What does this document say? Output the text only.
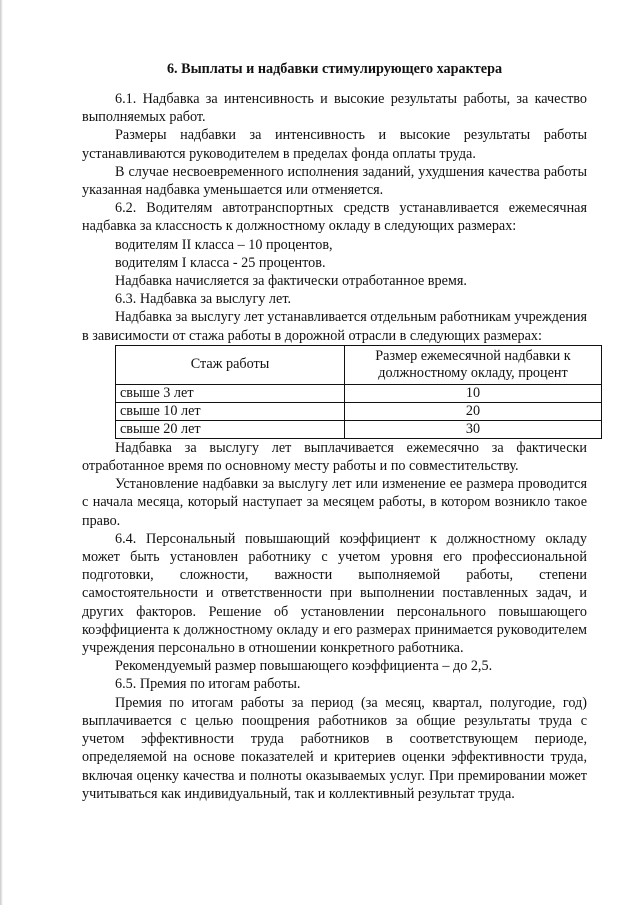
6. Выплаты и надбавки стимулирующего характера

6.1. Надбавка за интенсивность и высокие результаты работы, за качество выполняемых работ.

Размеры надбавки за интенсивность и высокие результаты работы устанавливаются руководителем в пределах фонда оплаты труда.

В случае несвоевременного исполнения заданий, ухудшения качества работы указанная надбавка уменьшается или отменяется.

6.2. Водителям автотранспортных средств устанавливается ежемесячная надбавка за классность к должностному окладу в следующих размерах:

водителям II класса – 10 процентов,

водителям I класса - 25 процентов.

Надбавка начисляется за фактически отработанное время.

6.3. Надбавка за выслугу лет.

Надбавка за выслугу лет устанавливается отдельным работникам учреждения в зависимости от стажа работы в дорожной отрасли в следующих размерах:

Стаж работы	Размер ежемесячной надбавки к должностному окладу, процент
свыше 3 лет	10
свыше 10 лет	20
свыше 20 лет	30

Надбавка за выслугу лет выплачивается ежемесячно за фактически отработанное время по основному месту работы и по совместительству.

Установление надбавки за выслугу лет или изменение ее размера проводится с начала месяца, который наступает за месяцем работы, в котором возникло такое право.

6.4. Персональный повышающий коэффициент к должностному окладу может быть установлен работнику с учетом уровня его профессиональной подготовки, сложности, важности выполняемой работы, степени самостоятельности и ответственности при выполнении поставленных задач, и других факторов. Решение об установлении персонального повышающего коэффициента к должностному окладу и его размерах принимается руководителем учреждения персонально в отношении конкретного работника.

Рекомендуемый размер повышающего коэффициента – до 2,5.

6.5. Премия по итогам работы.

Премия по итогам работы за период (за месяц, квартал, полугодие, год) выплачивается с целью поощрения работников за общие результаты труда с учетом эффективности труда работников в соответствующем периоде, определяемой на основе показателей и критериев оценки эффективности труда, включая оценку качества и полноты оказываемых услуг. При премировании может учитываться как индивидуальный, так и коллективный результат труда.
